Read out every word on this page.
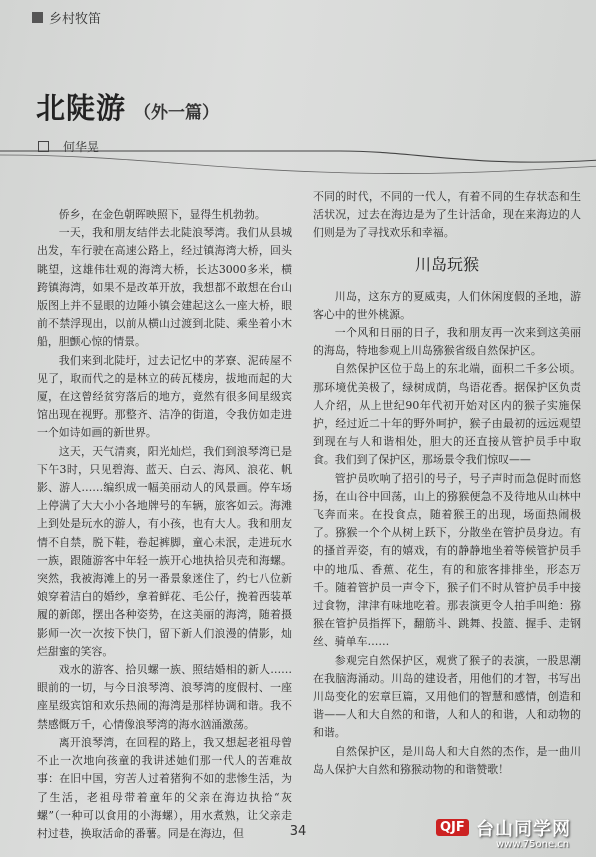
乡村牧笛
北陡游 （外一篇）
何华晃

侨乡，在金色朝晖映照下，显得生机勃勃。

一天，我和朋友结伴去北陡浪琴湾。我们从县城出发，车行驶在高速公路上，经过镇海湾大桥，回头眺望，这雄伟壮观的海湾大桥，长达3000多米，横跨镇海湾，如果不是改革开放，我想都不敢想在台山版图上并不显眼的边陲小镇会建起这么一座大桥，眼前不禁浮现出，以前从横山过渡到北陡、乘坐着小木船，胆颤心惊的情景。

我们来到北陡圩，过去记忆中的茅寮、泥砖屋不见了，取而代之的是林立的砖瓦楼房，拔地而起的大厦，在这曾经贫穷落后的地方，竟然有很多间星级宾馆出现在视野。那整齐、洁净的街道，令我仿如走进一个如诗如画的新世界。

这天，天气清爽，阳光灿烂，我们到浪琴湾已是下午3时，只见碧海、蓝天、白云、海风、浪花、帆影、游人……编织成一幅美丽动人的风景画。停车场上停满了大大小小各地牌号的车辆，旅客如云。海滩上到处是玩水的游人，有小孩，也有大人。我和朋友情不自禁，脱下鞋，卷起裤脚，童心未泯，走进玩水一族，跟随游客中年轻一族开心地执拾贝壳和海螺。突然，我被海滩上的另一番景象迷住了，约七八位新娘穿着洁白的婚纱，拿着鲜花、毛公仔，挽着西装革履的新郎，摆出各种姿势，在这美丽的海湾，随着摄影师一次一次按下快门，留下新人们浪漫的倩影，灿烂甜蜜的笑容。

戏水的游客、拾贝螺一族、照结婚相的新人……眼前的一切，与今日浪琴湾、浪琴湾的度假村、一座座星级宾馆和欢乐热闹的海湾是那样协调和谐。我不禁感慨万千，心情像浪琴湾的海水汹涌激荡。

离开浪琴湾，在回程的路上，我又想起老祖母曾不止一次地向孩童的我讲述她们那一代人的苦难故事：在旧中国，穷苦人过着猪狗不如的悲惨生活，为了生活，老祖母带着童年的父亲在海边执拾“灰螺”（一种可以食用的小海螺），用水煮熟，让父亲走村过巷，换取活命的番薯。同是在海边，但

不同的时代，不同的一代人，有着不同的生存状态和生活状况，过去在海边是为了生计活命，现在来海边的人们则是为了寻找欢乐和幸福。

川岛玩猴

川岛，这东方的夏威夷，人们休闲度假的圣地，游客心中的世外桃源。

一个风和日丽的日子，我和朋友再一次来到这美丽的海岛，特地参观上川岛猕猴省级自然保护区。

自然保护区位于岛上的东北端，面积二千多公顷。那环境优美极了，绿树成荫，鸟语花香。据保护区负责人介绍，从上世纪90年代初开始对区内的猴子实施保护，经过近二十年的野外呵护，猴子由最初的远远观望到现在与人和谐相处，胆大的还直接从管护员手中取食。我们到了保护区，那场景令我们惊叹——

管护员吹响了招引的号子，号子声时而急促时而悠扬，在山谷中回荡，山上的猕猴便急不及待地从山林中飞奔而来。在投食点，随着猴王的出现，场面热闹极了。猕猴一个个从树上跃下，分散坐在管护员身边。有的搔首弄姿，有的嬉戏，有的静静地坐着等候管护员手中的地瓜、香蕉、花生，有的和旅客排排坐，形态万千。随着管护员一声令下，猴子们不时从管护员手中接过食物，津津有味地吃着。那表演更令人拍手叫绝：猕猴在管护员指挥下，翻筋斗、跳舞、投篮、握手、走钢丝、骑单车……

参观完自然保护区，观赏了猴子的表演，一股思潮在我脑海涌动。川岛的建设者，用他们的才智，书写出川岛变化的宏章巨篇，又用他们的智慧和感情，创造和谐——人和大自然的和谐，人和人的和谐，人和动物的和谐。

自然保护区，是川岛人和大自然的杰作，是一曲川岛人保护大自然和猕猴动物的和谐赞歌！

34	QJF 台山同学网
www.75one.cn
